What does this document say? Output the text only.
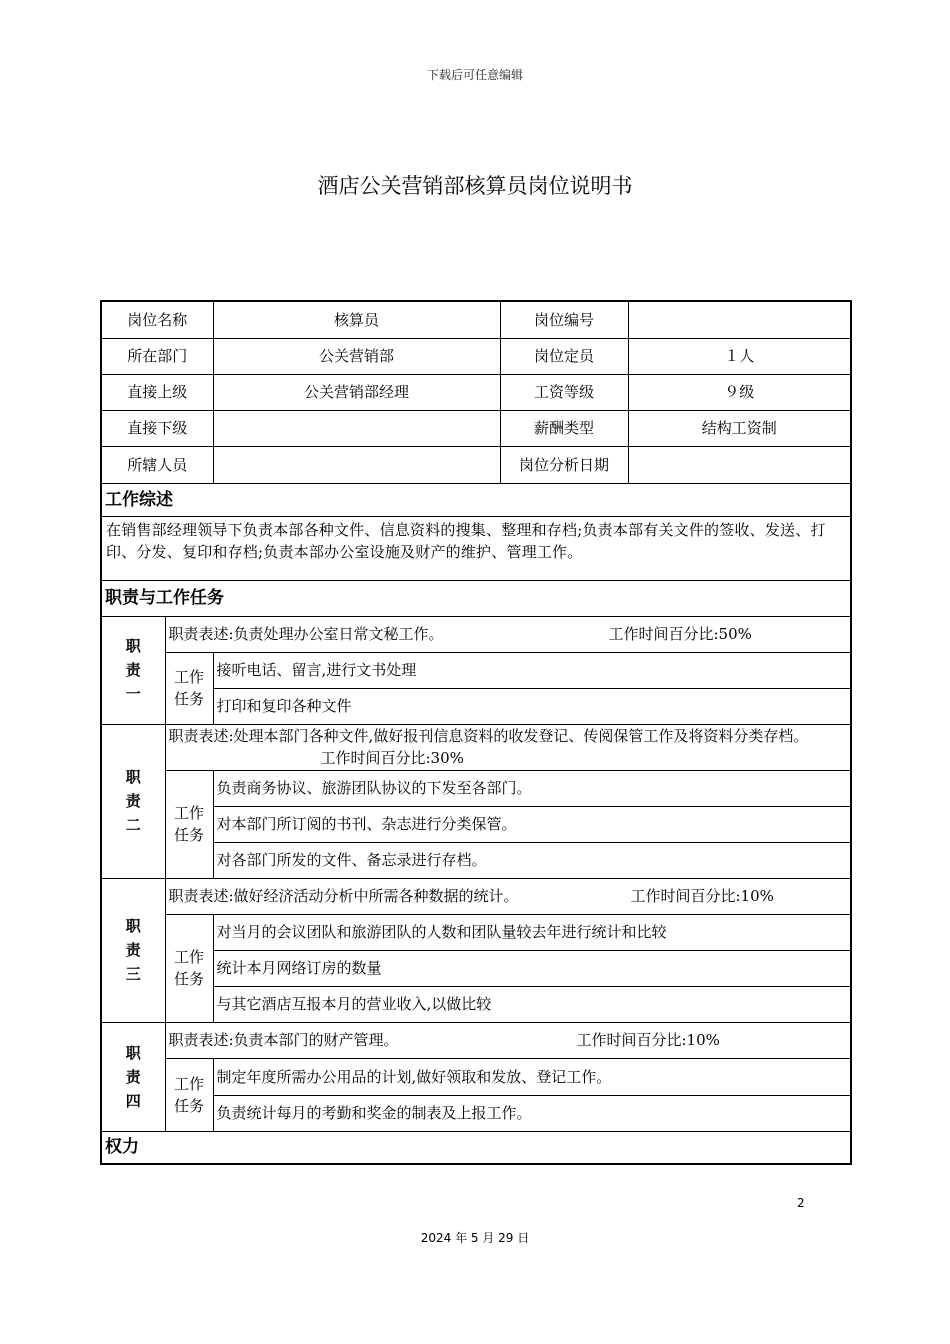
下载后可任意编辑
酒店公关营销部核算员岗位说明书
岗位名称		核算员	岗位编号	
所在部门		公关营销部	岗位定员	１人
直接上级		公关营销部经理	工资等级	９级
直接下级			薪酬类型	结构工资制
所辖人员			岗位分析日期	
工作综述				
在销售部经理领导下负责本部各种文件、信息资料的搜集、整理和存档;负责本部有关文件的签收、发送、打印、分发、复印和存档;负责本部办公室设施及财产的维护、管理工作。				
职责与工作任务				
职责一	职责表述:负责处理办公室日常文秘工作。 工作时间百分比:50%			
	工作任务	接听电话、留言,进行文书处理		
		打印和复印各种文件		
职责二	职责表述:处理本部门各种文件,做好报刊信息资料的收发登记、传阅保管工作及将资料分类存档。工作时间百分比:30%			
	工作任务	负责商务协议、旅游团队协议的下发至各部门。		
		对本部门所订阅的书刊、杂志进行分类保管。		
		对各部门所发的文件、备忘录进行存档。		
职责三	职责表述:做好经济活动分析中所需各种数据的统计。 工作时间百分比:10%			
	工作任务	对当月的会议团队和旅游团队的人数和团队量较去年进行统计和比较		
		统计本月网络订房的数量		
		与其它酒店互报本月的营业收入,以做比较		
职责四	职责表述:负责本部门的财产管理。 工作时间百分比:10%			
	工作任务	制定年度所需办公用品的计划,做好领取和发放、登记工作。		
		负责统计每月的考勤和奖金的制表及上报工作。		
权力				
2
2024 年 5 月 29 日
